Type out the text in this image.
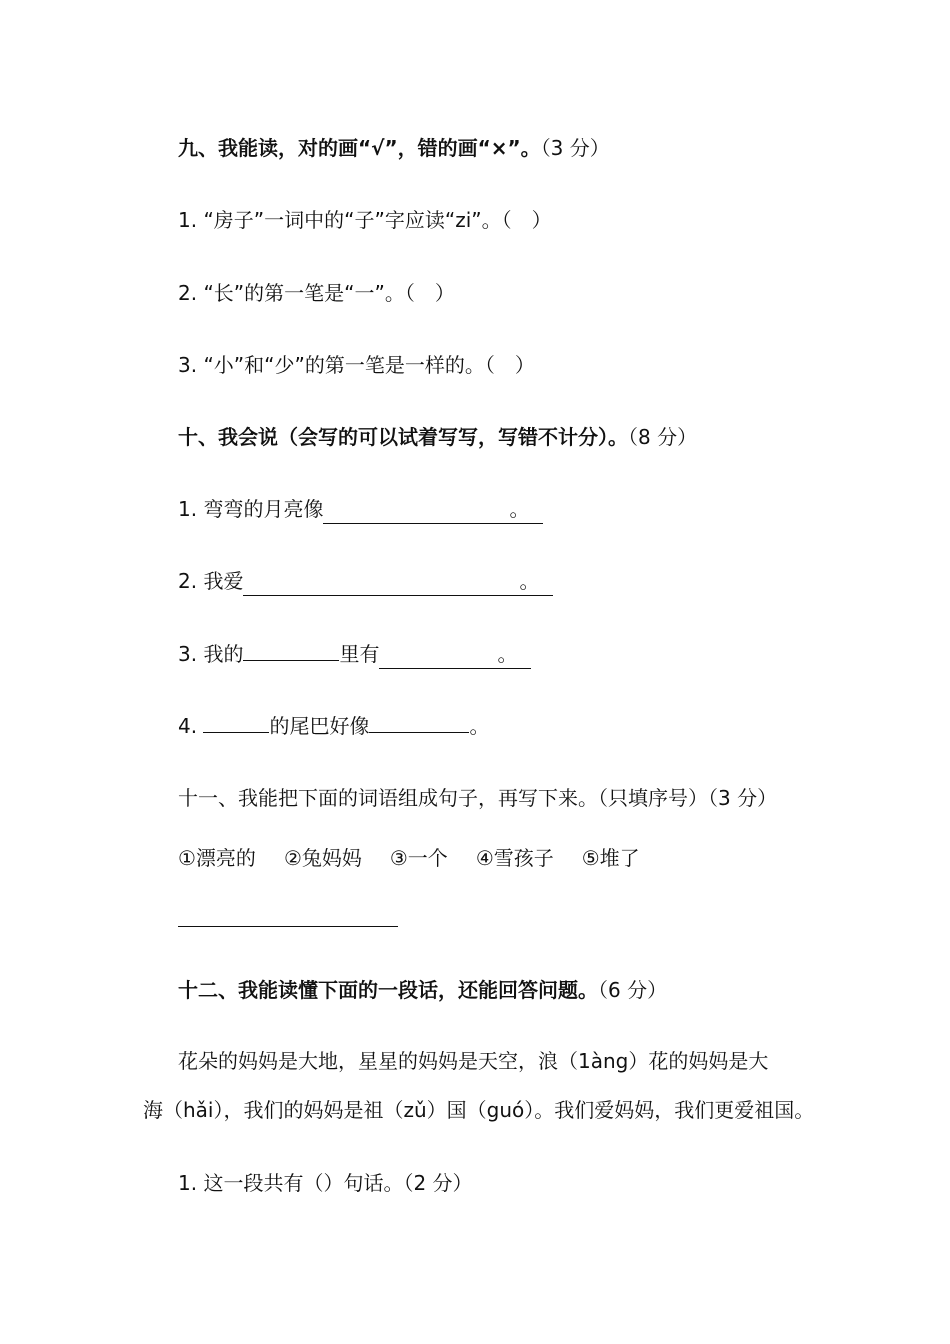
九、我能读，对的画“√”，错的画“×”。（3 分）
1. “房子”一词中的“子”字应读“zi”。（　）
2. “长”的第一笔是“一”。（　）
3. “小”和“少”的第一笔是一样的。（　）
十、我会说（会写的可以试着写写，写错不计分）。（8 分）
1. 弯弯的月亮像	。
2. 我爱	。
3. 我的	里有	。
4.	的尾巴好像	。
十一、我能把下面的词语组成句子，再写下来。（只填序号）（3 分）
①漂亮的 ②兔妈妈 ③一个 ④雪孩子 ⑤堆了
十二、我能读懂下面的一段话，还能回答问题。（6 分）
花朵的妈妈是大地，星星的妈妈是天空，浪（1àng）花的妈妈是大
海（hǎi），我们的妈妈是祖（zǔ）国（guó）。我们爱妈妈，我们更爱祖国。
1. 这一段共有（）句话。（2 分）
